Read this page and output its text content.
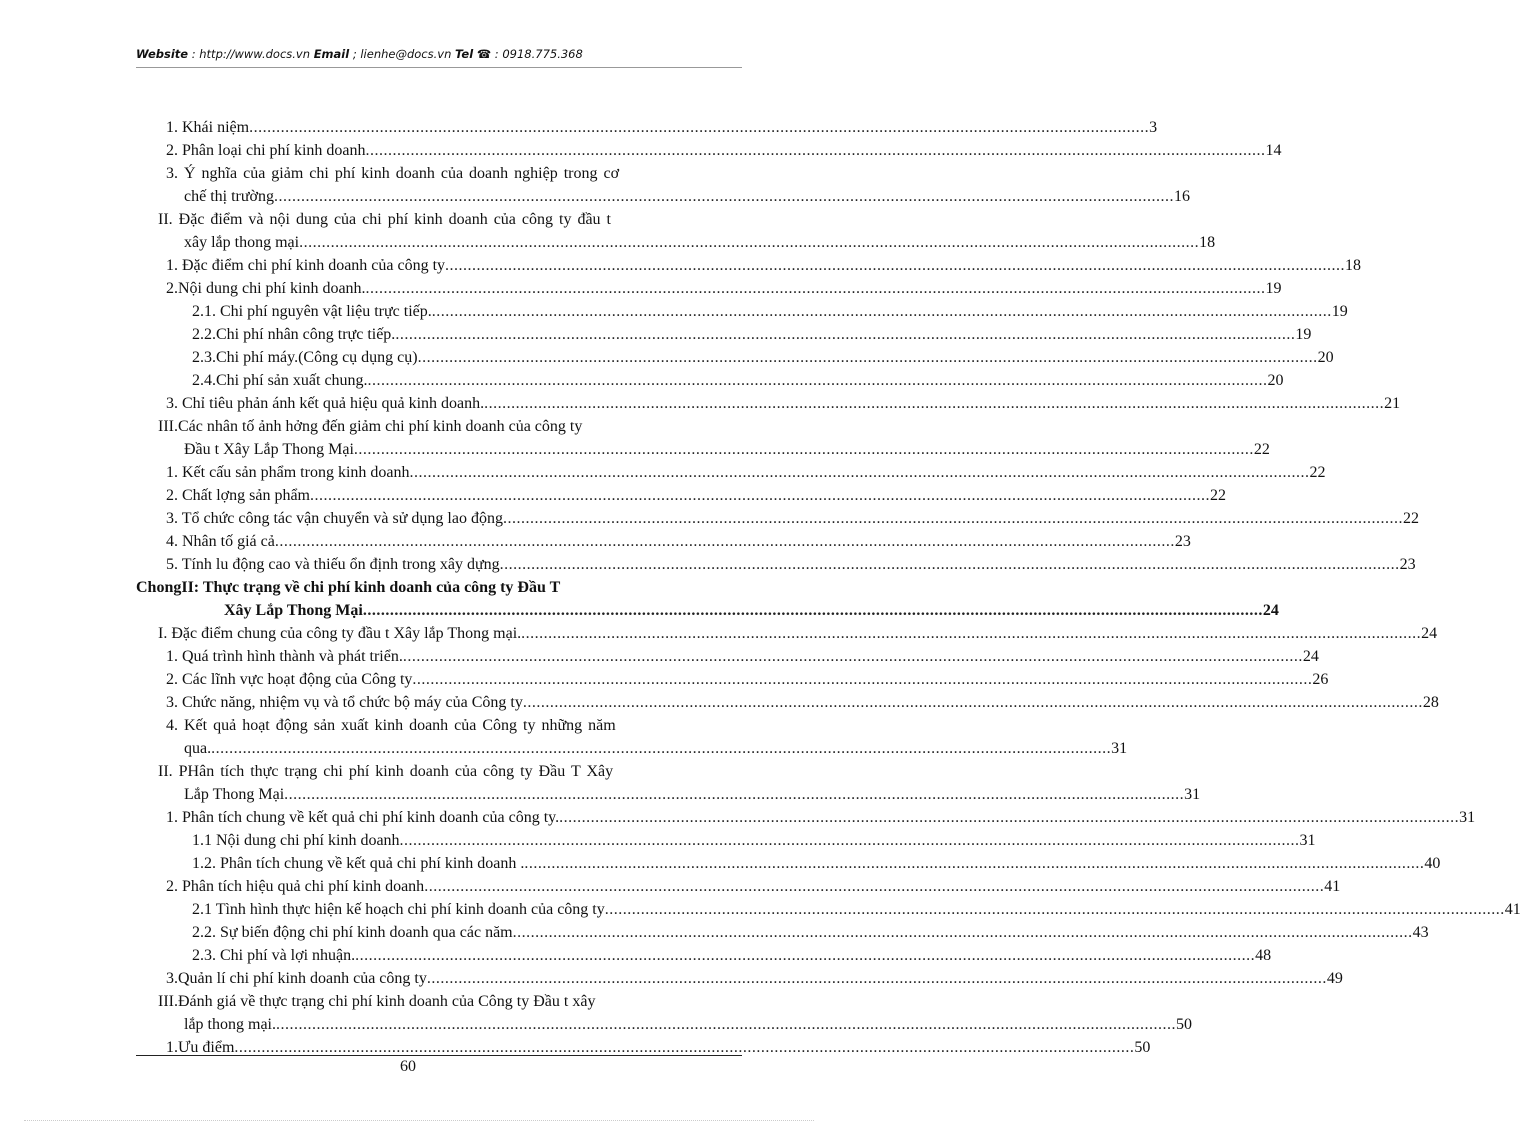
Website : http://www.docs.vn Email ; lienhe@docs.vn Tel ☎ : 0918.775.368
1. Khái niệm ........................................................................................................................................................................................................ 3
2. Phân loại chi phí kinh doanh ........................................................................................................................................................................................................ 14
3. Ý nghĩa của giảm chi phí kinh doanh của doanh nghiệp trong cơ
chế thị trường ........................................................................................................................................................................................................ 16
II. Đặc điểm và nội dung của chi phí kinh doanh của công ty đầu t
xây lắp thong mại ........................................................................................................................................................................................................ 18
1. Đặc điểm chi phí kinh doanh của công ty ........................................................................................................................................................................................................ 18
2.Nội dung chi phí kinh doanh. ........................................................................................................................................................................................................ 19
2.1. Chi phí nguyên vật liệu trực tiếp. ........................................................................................................................................................................................................ 19
2.2.Chi phí nhân công trực tiếp. ........................................................................................................................................................................................................ 19
2.3.Chi phí máy.(Công cụ dụng cụ) ........................................................................................................................................................................................................ 20
2.4.Chi phí sản xuất chung. ........................................................................................................................................................................................................ 20
3. Chỉ tiêu phản ánh kết quả hiệu quả kinh doanh. ........................................................................................................................................................................................................ 21
III.Các nhân tố ảnh hởng đến giảm chi phí kinh doanh của công ty
Đầu t Xây Lắp Thong Mại ........................................................................................................................................................................................................ 22
1. Kết cấu sản phẩm trong kinh doanh ........................................................................................................................................................................................................ 22
2. Chất lợng sản phẩm ........................................................................................................................................................................................................ 22
3. Tổ chức công tác vận chuyển và sử dụng lao động ........................................................................................................................................................................................................ 22
4. Nhân tố giá cả ........................................................................................................................................................................................................ 23
5. Tính lu động cao và thiếu ổn định trong xây dựng ........................................................................................................................................................................................................ 23
ChongII: Thực trạng về chi phí kinh doanh của công ty Đầu T
Xây Lắp Thong Mại ........................................................................................................................................................................................................ 24
I. Đặc điểm chung của công ty đầu t Xây lắp Thong mại. ........................................................................................................................................................................................................ 24
1. Quá trình hình thành và phát triển. ........................................................................................................................................................................................................ 24
2. Các lĩnh vực hoạt động của Công ty ........................................................................................................................................................................................................ 26
3. Chức năng, nhiệm vụ và tổ chức bộ máy của Công ty ........................................................................................................................................................................................................ 28
4. Kết quả hoạt động sản xuất kinh doanh của Công ty những năm
qua. ........................................................................................................................................................................................................ 31
II. PHân tích thực trạng chi phí kinh doanh của công ty Đầu T Xây
Lắp Thong Mại ........................................................................................................................................................................................................ 31
1. Phân tích chung về kết quả chi phí kinh doanh của công ty. ........................................................................................................................................................................................................ 31
1.1 Nội dung chi phí kinh doanh ........................................................................................................................................................................................................ 31
1.2. Phân tích chung về kết quả chi phí kinh doanh . ........................................................................................................................................................................................................ 40
2. Phân tích hiệu quả chi phí kinh doanh ........................................................................................................................................................................................................ 41
2.1 Tình hình thực hiện kế hoạch chi phí kinh doanh của công ty ........................................................................................................................................................................................................ 41
2.2. Sự biến động chi phí kinh doanh qua các năm ........................................................................................................................................................................................................ 43
2.3. Chi phí và lợi nhuận. ........................................................................................................................................................................................................ 48
3.Quản lí chi phí kinh doanh của công ty ........................................................................................................................................................................................................ 49
III.Đánh giá về thực trạng chi phí kinh doanh của Công ty Đầu t xây
lắp thong mại. ........................................................................................................................................................................................................ 50
1.Ưu điểm ........................................................................................................................................................................................................ 50
60
